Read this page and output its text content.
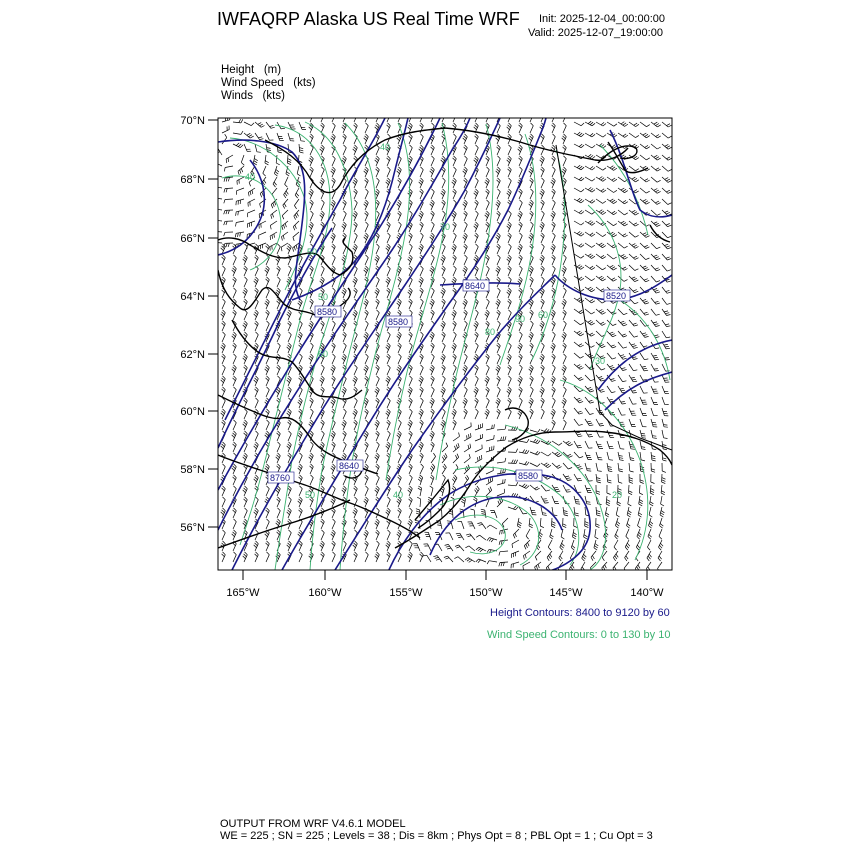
IWFAQRP Alaska US Real Time WRF Init: 2025-12-04_00:00:00
Valid: 2025-12-07_19:00:00
Height (m)
Wind Speed (kts)
Winds (kts)
70°N
68°N
66°N
64°N
62°N
60°N
58°N
56°N
165°W	160°W	155°W	150°W	145°W	140°W
8580
8640
8580
8760
8640
8580
8520
40
40
50
50
60
70
80
90 60
50	20
30
40
Height Contours: 8400 to 9120 by 60
Wind Speed Contours: 0 to 130 by 10
OUTPUT FROM WRF V4.6.1 MODEL
WE = 225 ; SN = 225 ; Levels = 38 ; Dis = 8km ; Phys Opt = 8 ; PBL Opt = 1 ; Cu Opt = 3
